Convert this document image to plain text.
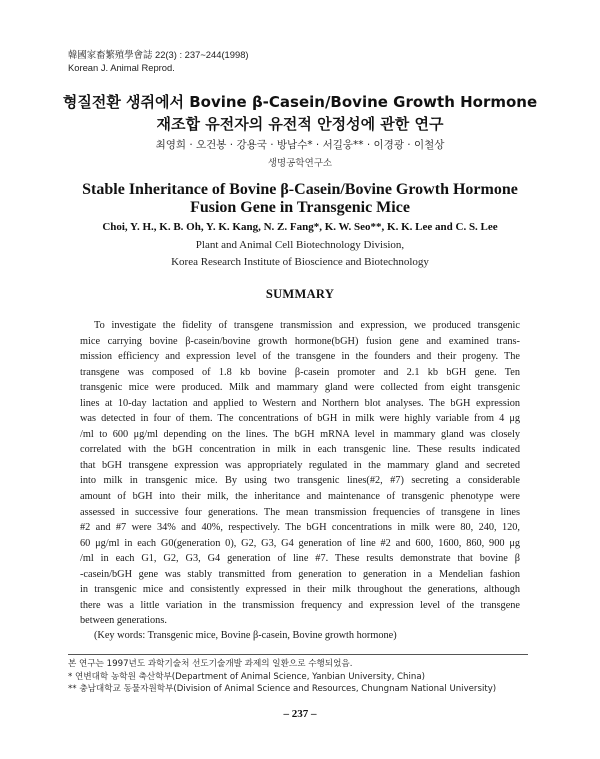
韓國家畜繁殖學會誌 22(3) : 237~244(1998)
Korean J. Animal Reprod.
형질전환 생쥐에서 Bovine β-Casein/Bovine Growth Hormone
재조합 유전자의 유전적 안정성에 관한 연구
최영희 · 오건봉 · 강용국 · 방남수* · 서길웅** · 이경광 · 이철상
생명공학연구소
Stable Inheritance of Bovine β-Casein/Bovine Growth Hormone
Fusion Gene in Transgenic Mice
Choi, Y. H., K. B. Oh, Y. K. Kang, N. Z. Fang*, K. W. Seo**, K. K. Lee and C. S. Lee
Plant and Animal Cell Biotechnology Division,
Korea Research Institute of Bioscience and Biotechnology
SUMMARY
To investigate the fidelity of transgene transmission and expression, we produced transgenic
mice carrying bovine β-casein/bovine growth hormone(bGH) fusion gene and examined trans-
mission efficiency and expression level of the transgene in the founders and their progeny. The
transgene was composed of 1.8 kb bovine β-casein promoter and 2.1 kb bGH gene. Ten
transgenic mice were produced. Milk and mammary gland were collected from eight transgenic
lines at 10-day lactation and applied to Western and Northern blot analyses. The bGH expression
was detected in four of them. The concentrations of bGH in milk were highly variable from 4 μg
/ml to 600 μg/ml depending on the lines. The bGH mRNA level in mammary gland was closely
correlated with the bGH concentration in milk in each transgenic line. These results indicated
that bGH transgene expression was appropriately regulated in the mammary gland and secreted
into milk in transgenic mice. By using two transgenic lines(#2, #7) secreting a considerable
amount of bGH into their milk, the inheritance and maintenance of transgenic phenotype were
assessed in successive four generations. The mean transmission frequencies of transgene in lines
#2 and #7 were 34% and 40%, respectively. The bGH concentrations in milk were 80, 240, 120,
60 μg/ml in each G0(generation 0), G2, G3, G4 generation of line #2 and 600, 1600, 860, 900 μg
/ml in each G1, G2, G3, G4 generation of line #7. These results demonstrate that bovine β
-casein/bGH gene was stably transmitted from generation to generation in a Mendelian fashion
in transgenic mice and consistently expressed in their milk throughout the generations, although
there was a little variation in the transmission frequency and expression level of the transgene
between generations.
(Key words: Transgenic mice, Bovine β-casein, Bovine growth hormone)
본 연구는 1997년도 과학기술처 선도기술개발 과제의 일환으로 수행되었음.
* 연변대학 농학원 축산학부(Department of Animal Science, Yanbian University, China)
** 충남대학교 동물자원학부(Division of Animal Science and Resources, Chungnam National University)
– 237 –
